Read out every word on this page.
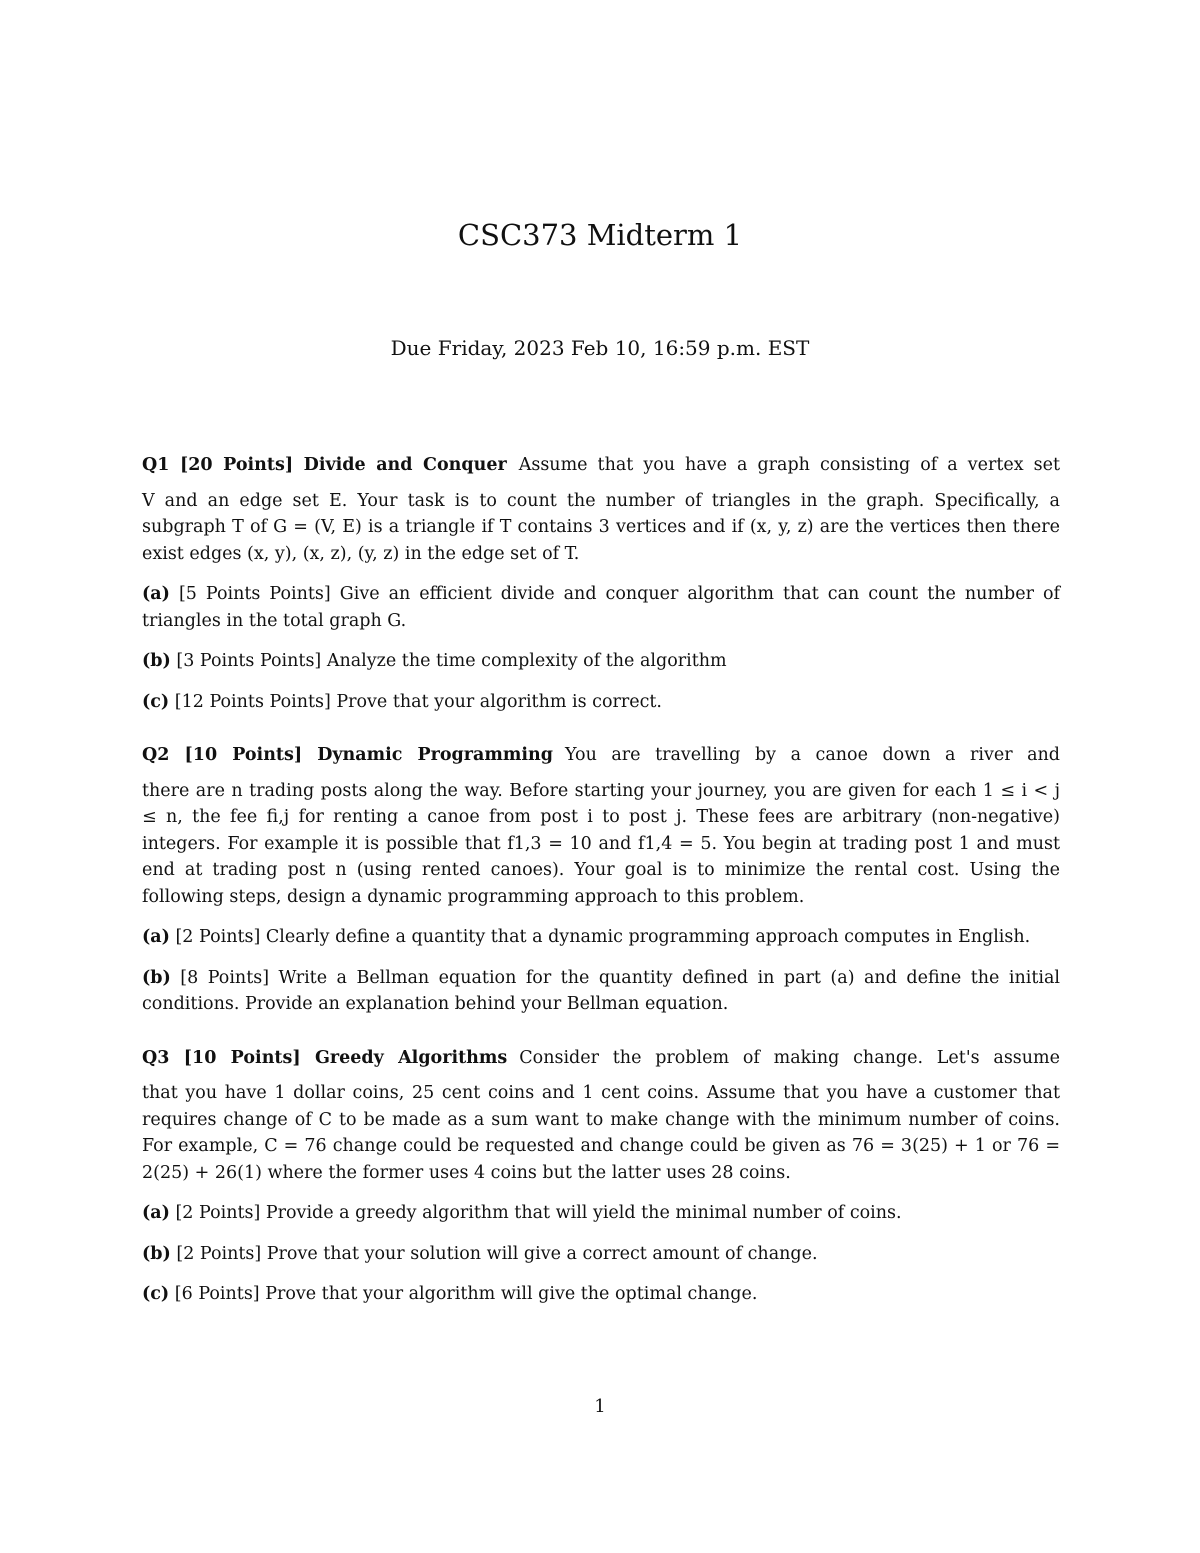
CSC373 Midterm 1

Due Friday, 2023 Feb 10, 16:59 p.m. EST

Q1 [20 Points] Divide and Conquer Assume that you have a graph consisting of a vertex set

V and an edge set E. Your task is to count the number of triangles in the graph. Specifically, a subgraph T of G = (V, E) is a triangle if T contains 3 vertices and if (x, y, z) are the vertices then there exist edges (x, y), (x, z), (y, z) in the edge set of T.

(a) [5 Points Points] Give an efficient divide and conquer algorithm that can count the number of triangles in the total graph G.

(b) [3 Points Points] Analyze the time complexity of the algorithm

(c) [12 Points Points] Prove that your algorithm is correct.

Q2 [10 Points] Dynamic Programming You are travelling by a canoe down a river and

there are n trading posts along the way. Before starting your journey, you are given for each 1 ≤ i < j ≤ n, the fee fi,j for renting a canoe from post i to post j. These fees are arbitrary (non-negative) integers. For example it is possible that f1,3 = 10 and f1,4 = 5. You begin at trading post 1 and must end at trading post n (using rented canoes). Your goal is to minimize the rental cost. Using the following steps, design a dynamic programming approach to this problem.

(a) [2 Points] Clearly define a quantity that a dynamic programming approach computes in English.

(b) [8 Points] Write a Bellman equation for the quantity defined in part (a) and define the initial conditions. Provide an explanation behind your Bellman equation.

Q3 [10 Points] Greedy Algorithms Consider the problem of making change. Let's assume

that you have 1 dollar coins, 25 cent coins and 1 cent coins. Assume that you have a customer that requires change of C to be made as a sum want to make change with the minimum number of coins. For example, C = 76 change could be requested and change could be given as 76 = 3(25) + 1 or 76 = 2(25) + 26(1) where the former uses 4 coins but the latter uses 28 coins.

(a) [2 Points] Provide a greedy algorithm that will yield the minimal number of coins.

(b) [2 Points] Prove that your solution will give a correct amount of change.

(c) [6 Points] Prove that your algorithm will give the optimal change.

1
